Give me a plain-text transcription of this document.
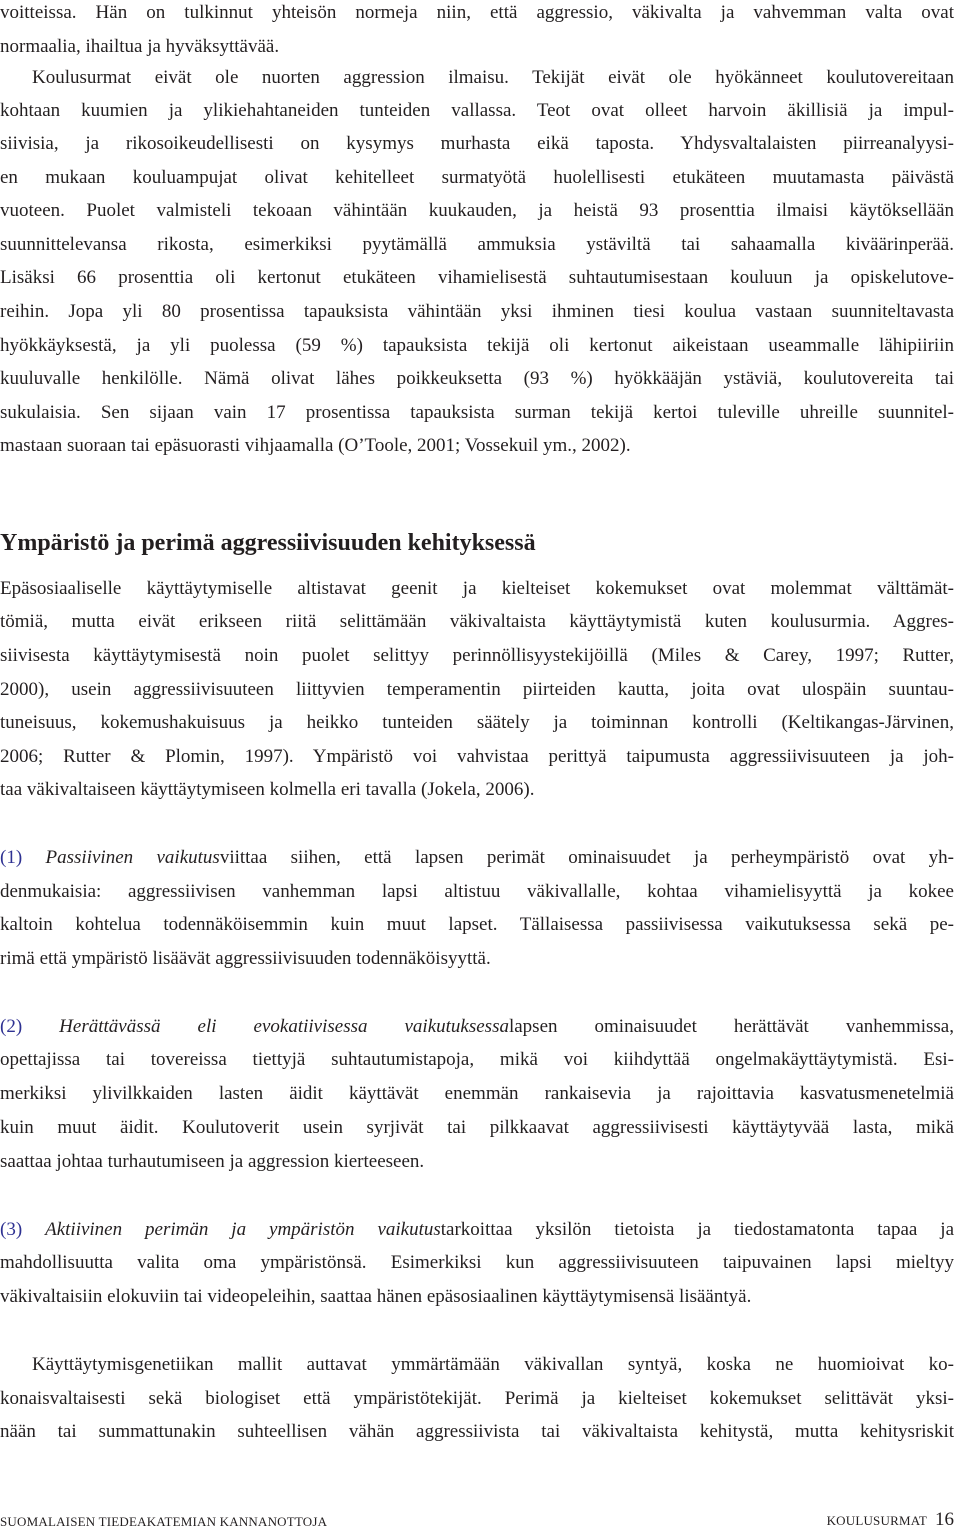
voitteissa. Hän on tulkinnut yhteisön normeja niin, että aggressio, väkivalta ja vahvemman valta ovat
normaalia, ihailtua ja hyväksyttävää.
Koulusurmat eivät ole nuorten aggression ilmaisu. Tekijät eivät ole hyökänneet koulutovereitaan
kohtaan kuumien ja ylikiehahtaneiden tunteiden vallassa. Teot ovat olleet harvoin äkillisiä ja impul-
siivisia, ja rikosoikeudellisesti on kysymys murhasta eikä taposta. Yhdysvaltalaisten piirreanalyysi-
en mukaan kouluampujat olivat kehitelleet surmatyötä huolellisesti etukäteen muutamasta päivästä
vuoteen. Puolet valmisteli tekoaan vähintään kuukauden, ja heistä 93 prosenttia ilmaisi käytöksellään
suunnittelevansa rikosta, esimerkiksi pyytämällä ammuksia ystäviltä tai sahaamalla kiväärinperää.
Lisäksi 66 prosenttia oli kertonut etukäteen vihamielisestä suhtautumisestaan kouluun ja opiskelutove-
reihin. Jopa yli 80 prosentissa tapauksista vähintään yksi ihminen tiesi koulua vastaan suunniteltavasta
hyökkäyksestä, ja yli puolessa (59 %) tapauksista tekijä oli kertonut aikeistaan useammalle lähipiiriin
kuuluvalle henkilölle. Nämä olivat lähes poikkeuksetta (93 %) hyökkääjän ystäviä, koulutovereita tai
sukulaisia. Sen sijaan vain 17 prosentissa tapauksista surman tekijä kertoi tuleville uhreille suunnitel-
mastaan suoraan tai epäsuorasti vihjaamalla (O’Toole, 2001; Vossekuil ym., 2002).
Ympäristö ja perimä aggressiivisuuden kehityksessä
Epäsosiaaliselle käyttäytymiselle altistavat geenit ja kielteiset kokemukset ovat molemmat välttämät-
tömiä, mutta eivät erikseen riitä selittämään väkivaltaista käyttäytymistä kuten koulusurmia. Aggres-
siivisesta käyttäytymisestä noin puolet selittyy perinnöllisyystekijöillä (Miles & Carey, 1997; Rutter,
2000), usein aggressiivisuuteen liittyvien temperamentin piirteiden kautta, joita ovat ulospäin suuntau-
tuneisuus, kokemushakuisuus ja heikko tunteiden säätely ja toiminnan kontrolli (Keltikangas-Järvinen,
2006; Rutter & Plomin, 1997). Ympäristö voi vahvistaa perittyä taipumusta aggressiivisuuteen ja joh-
taa väkivaltaiseen käyttäytymiseen kolmella eri tavalla (Jokela, 2006).
(1) Passiivinen vaikutusviittaa siihen, että lapsen perimät ominaisuudet ja perheympäristö ovat yh-
denmukaisia: aggressiivisen vanhemman lapsi altistuu väkivallalle, kohtaa vihamielisyyttä ja kokee
kaltoin kohtelua todennäköisemmin kuin muut lapset. Tällaisessa passiivisessa vaikutuksessa sekä pe-
rimä että ympäristö lisäävät aggressiivisuuden todennäköisyyttä.
(2) Herättävässä eli evokatiivisessa vaikutuksessalapsen ominaisuudet herättävät vanhemmissa,
opettajissa tai tovereissa tiettyjä suhtautumistapoja, mikä voi kiihdyttää ongelmakäyttäytymistä. Esi-
merkiksi ylivilkkaiden lasten äidit käyttävät enemmän rankaisevia ja rajoittavia kasvatusmenetelmiä
kuin muut äidit. Koulutoverit usein syrjivät tai pilkkaavat aggressiivisesti käyttäytyvää lasta, mikä
saattaa johtaa turhautumiseen ja aggression kierteeseen.
(3) Aktiivinen perimän ja ympäristön vaikutustarkoittaa yksilön tietoista ja tiedostamatonta tapaa ja
mahdollisuutta valita oma ympäristönsä. Esimerkiksi kun aggressiivisuuteen taipuvainen lapsi mieltyy
väkivaltaisiin elokuviin tai videopeleihin, saattaa hänen epäsosiaalinen käyttäytymisensä lisääntyä.
Käyttäytymisgenetiikan mallit auttavat ymmärtämään väkivallan syntyä, koska ne huomioivat ko-
konaisvaltaisesti sekä biologiset että ympäristötekijät. Perimä ja kielteiset kokemukset selittävät yksi-
nään tai summattunakin suhteellisen vähän aggressiivista tai väkivaltaista kehitystä, mutta kehitysriskit
SUOMALAISEN TIEDEAKATEMIAN KANNANOTTOJA	KOULUSURMAT 16
